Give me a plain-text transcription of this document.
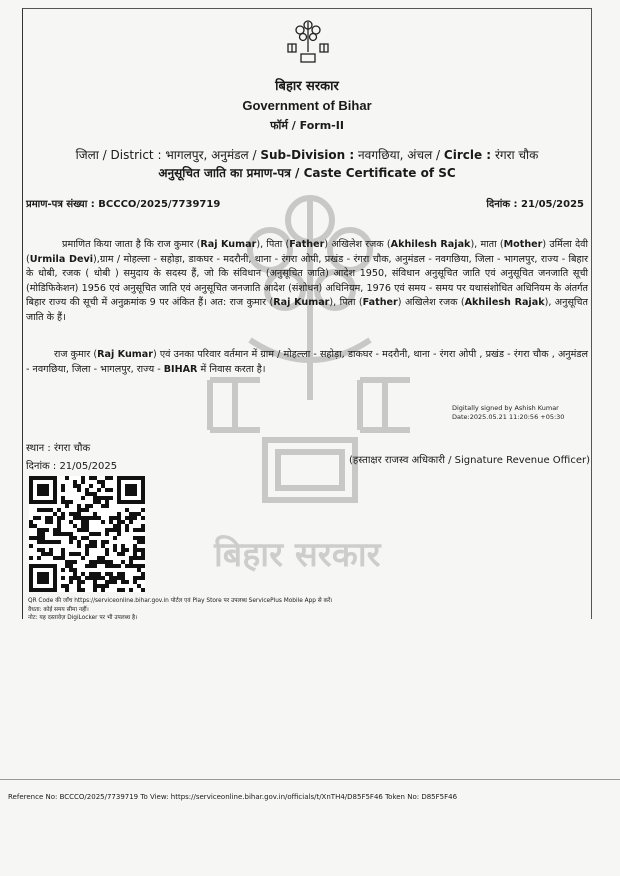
बिहार सरकार
बिहार सरकार
Government of Bihar
फॉर्म / Form-II
जिला / District : भागलपुर, अनुमंडल / Sub-Division : नवगछिया, अंचल / Circle : रंगरा चौक
अनुसूचित जाति का प्रमाण-पत्र / Caste Certificate of SC
प्रमाण-पत्र संख्या : BCCCO/2025/7739719	दिनांक : 21/05/2025
प्रमाणित किया जाता है कि राज कुमार (Raj Kumar), पिता (Father) अखिलेश रजक (Akhilesh Rajak), माता (Mother) उर्मिला देवी (Urmila Devi),ग्राम / मोहल्ला - सहोड़ा, डाकघर - मदरौनी, थाना - रंगरा ओपी, प्रखंड - रंगरा चौक, अनुमंडल - नवगछिया, जिला - भागलपुर, राज्य - बिहार के धोबी, रजक ( धोबी ) समुदाय के सदस्य हैं, जो कि संविधान (अनुसूचित जाति) आदेश 1950, संविधान अनुसूचित जाति एवं अनुसूचित जनजाति सूची (मोडिफिकेशन) 1956 एवं अनुसूचित जाति एवं अनुसूचित जनजाति आदेश (संशोधन) अधिनियम, 1976 एवं समय - समय पर यथासंशोधित अधिनियम के अंतर्गत बिहार राज्य की सूची में अनुक्रमांक 9 पर अंकित हैं। अत: राज कुमार (Raj Kumar), पिता (Father) अखिलेश रजक (Akhilesh Rajak), अनुसूचित जाति के हैं।
राज कुमार (Raj Kumar) एवं उनका परिवार वर्तमान में ग्राम / मोहल्ला - सहोड़ा, डाकघर - मदरौनी, थाना - रंगरा ओपी , प्रखंड - रंगरा चौक , अनुमंडल - नवगछिया, जिला - भागलपुर, राज्य - BIHAR में निवास करता है।
Digitally signed by Ashish Kumar
Date:2025.05.21 11:20:56 +05:30
स्थान : रंगरा चौक
दिनांक : 21/05/2025
(हस्ताक्षर राजस्व अधिकारी / Signature Revenue Officer)
QR Code की जाँच https://serviceonline.bihar.gov.in पोर्टल एवं Play Store पर उपलब्ध ServicePlus Mobile App से करें।
वैधता: कोई समय सीमा नहीं।
नोट: यह दस्तावेज़ DigiLocker पर भी उपलब्ध है।
Reference No: BCCCO/2025/7739719 To View: https://serviceonline.bihar.gov.in/officials/t/XnTH4/D85F5F46 Token No: D85F5F46
